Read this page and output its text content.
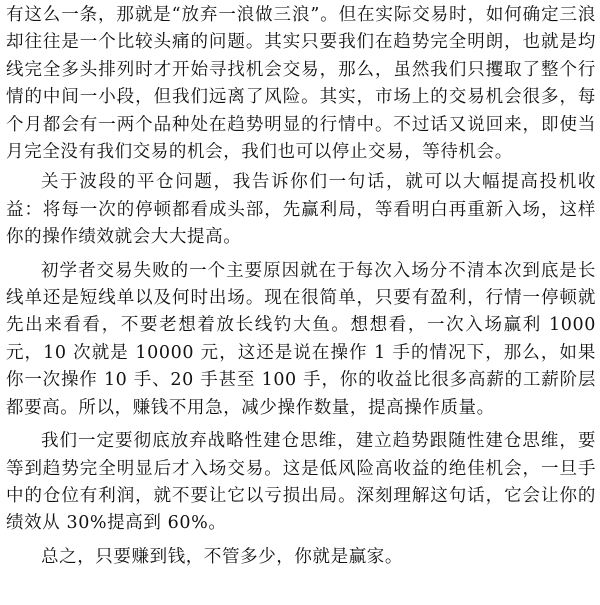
有这么一条，那就是“放弃一浪做三浪”。但在实际交易时，如何确定三浪却往往是一个比较头痛的问题。其实只要我们在趋势完全明朗，也就是均线完全多头排列时才开始寻找机会交易，那么，虽然我们只攫取了整个行情的中间一小段，但我们远离了风险。其实，市场上的交易机会很多，每个月都会有一两个品种处在趋势明显的行情中。不过话又说回来，即使当月完全没有我们交易的机会，我们也可以停止交易，等待机会。

关于波段的平仓问题，我告诉你们一句话，就可以大幅提高投机收益：将每一次的停顿都看成头部，先赢利局，等看明白再重新入场，这样你的操作绩效就会大大提高。

初学者交易失败的一个主要原因就在于每次入场分不清本次到底是长线单还是短线单以及何时出场。现在很简单，只要有盈利，行情一停顿就先出来看看，不要老想着放长线钓大鱼。想想看，一次入场赢利 1000 元，10 次就是 10000 元，这还是说在操作 1 手的情况下，那么，如果你一次操作 10 手、20 手甚至 100 手，你的收益比很多高薪的工薪阶层都要高。所以，赚钱不用急，减少操作数量，提高操作质量。

我们一定要彻底放弃战略性建仓思维，建立趋势跟随性建仓思维，要等到趋势完全明显后才入场交易。这是低风险高收益的绝佳机会，一旦手中的仓位有利润，就不要让它以亏损出局。深刻理解这句话，它会让你的绩效从 30%提高到 60%。

总之，只要赚到钱，不管多少，你就是赢家。
